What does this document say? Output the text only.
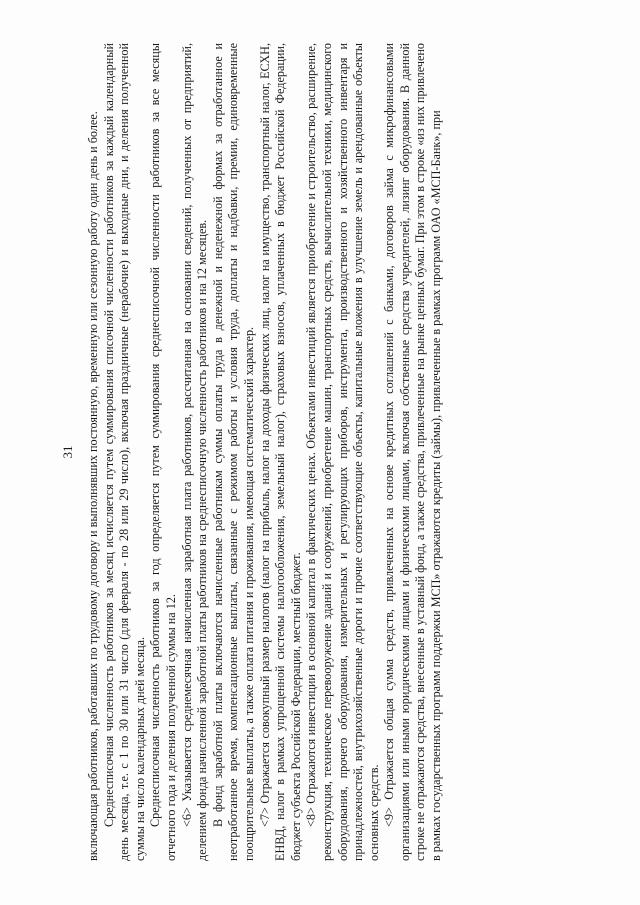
31 включающая работников, работавших по трудовому договору и выполнявших постоянную, временную или сезонную работу один день и более. Среднесписочная численность работников за месяц исчисляется путем суммирования списочной численности работников за каждый календарный день месяца, т.е. с 1 по 30 или 31 число (для февраля - по 28 или 29 число), включая праздничные (нерабочие) и выходные дни, и деления полученной суммы на число календарных дней месяца. Среднесписочная численность работников за год определяется путем суммирования среднесписочной численности работников за все месяцы отчетного года и деления полученной суммы на 12. <6> Указывается среднемесячная начисленная заработная плата работников, рассчитанная на основании сведений, полученных от предприятий, делением фонда начисленной заработной платы работников на среднесписочную численность работников и на 12 месяцев. В фонд заработной платы включаются начисленные работникам суммы оплаты труда в денежной и неденежной формах за отработанное и неотработанное время, компенсационные выплаты, связанные с режимом работы и условия труда, доплаты и надбавки, премии, единовременные поощрительные выплаты, а также оплата питания и проживания, имеющая систематический характер. <7> Отражается совокупный размер налогов (налог на прибыль, налог на доходы физических лиц, налог на имущество, транспортный налог, ЕСХН, ЕНВД, налог в рамках упрощенной системы налогообложения, земельный налог), страховых взносов, уплаченных в бюджет Российской Федерации, бюджет субъекта Российской Федерации, местный бюджет. <8> Отражаются инвестиции в основной капитал в фактических ценах. Объектами инвестиций является приобретение и строительство, расширение, реконструкция, техническое перевооружение зданий и сооружений, приобретение машин, транспортных средств, вычислительной техники, медицинского оборудования, прочего оборудования, измерительных и регулирующих приборов, инструмента, производственного и хозяйственного инвентаря и принадлежностей, внутрихозяйственные дороги и прочие соответствующие объекты, капитальные вложения в улучшение земель и арендованные объекты основных средств. <9> Отражается общая сумма средств, привлеченных на основе кредитных соглашений с банками, договоров займа с микрофинансовыми организациями или иными юридическими лицами и физическими лицами, включая собственные средства учредителей, лизинг оборудования. В данной строке не отражаются средства, внесенные в уставный фонд, а также средства, привлеченные на рынке ценных бумаг. При этом в строке «из них привлечено в рамках государственных программ поддержки МСП» отражаются кредиты (займы), привлеченные в рамках программ ОАО «МСП-Банк», при
